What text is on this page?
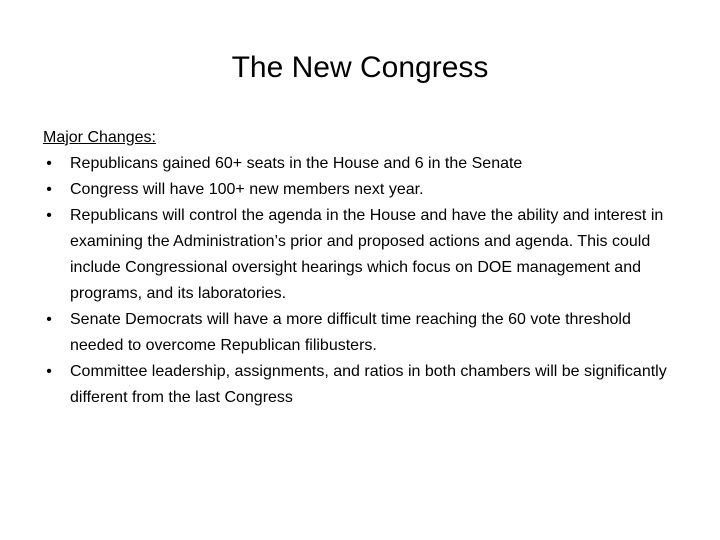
The New Congress

Major Changes:

• Republicans gained 60+ seats in the House and 6 in the Senate
• Congress will have 100+ new members next year.
• Republicans will control the agenda in the House and have the ability and interest in examining the Administration’s prior and proposed actions and agenda. This could include Congressional oversight hearings which focus on DOE management and programs, and its laboratories.
• Senate Democrats will have a more difficult time reaching the 60 vote threshold needed to overcome Republican filibusters.
• Committee leadership, assignments, and ratios in both chambers will be significantly different from the last Congress
